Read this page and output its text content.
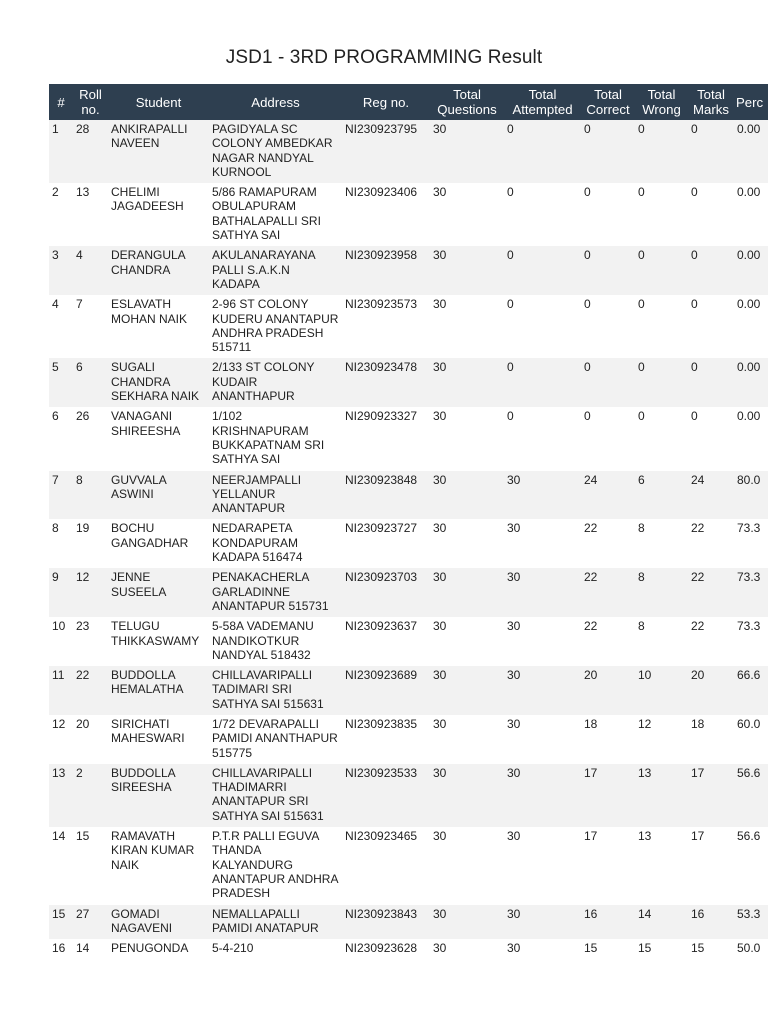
JSD1 - 3RD PROGRAMMING Result
#	Roll no.	Student	Address	Reg no.	Total Questions	Total Attempted	Total Correct	Total Wrong	Total Marks	Perc
1	28	ANKIRAPALLI NAVEEN	PAGIDYALA SC COLONY AMBEDKAR NAGAR NANDYAL KURNOOL	NI230923795	30	0	0	0	0	0.00
2	13	CHELIMI JAGADEESH	5/86 RAMAPURAM OBULAPURAM BATHALAPALLI SRI SATHYA SAI	NI230923406	30	0	0	0	0	0.00
3	4	DERANGULA CHANDRA	AKULANARAYANA PALLI S.A.K.N KADAPA	NI230923958	30	0	0	0	0	0.00
4	7	ESLAVATH MOHAN NAIK	2-96 ST COLONY KUDERU ANANTAPUR ANDHRA PRADESH 515711	NI230923573	30	0	0	0	0	0.00
5	6	SUGALI CHANDRA SEKHARA NAIK	2/133 ST COLONY KUDAIR ANANTHAPUR	NI230923478	30	0	0	0	0	0.00
6	26	VANAGANI SHIREESHA	1/102 KRISHNAPURAM BUKKAPATNAM SRI SATHYA SAI	NI290923327	30	0	0	0	0	0.00
7	8	GUVVALA ASWINI	NEERJAMPALLI YELLANUR ANANTAPUR	NI230923848	30	30	24	6	24	80.0
8	19	BOCHU GANGADHAR	NEDARAPETA KONDAPURAM KADAPA 516474	NI230923727	30	30	22	8	22	73.3
9	12	JENNE SUSEELA	PENAKACHERLA GARLADINNE ANANTAPUR 515731	NI230923703	30	30	22	8	22	73.3
10	23	TELUGU THIKKASWAMY	5-58A VADEMANU NANDIKOTKUR NANDYAL 518432	NI230923637	30	30	22	8	22	73.3
11	22	BUDDOLLA HEMALATHA	CHILLAVARIPALLI TADIMARI SRI SATHYA SAI 515631	NI230923689	30	30	20	10	20	66.6
12	20	SIRICHATI MAHESWARI	1/72 DEVARAPALLI PAMIDI ANANTHAPUR 515775	NI230923835	30	30	18	12	18	60.0
13	2	BUDDOLLA SIREESHA	CHILLAVARIPALLI THADIMARRI ANANTAPUR SRI SATHYA SAI 515631	NI230923533	30	30	17	13	17	56.6
14	15	RAMAVATH KIRAN KUMAR NAIK	P.T.R PALLI EGUVA THANDA KALYANDURG ANANTAPUR ANDHRA PRADESH	NI230923465	30	30	17	13	17	56.6
15	27	GOMADI NAGAVENI	NEMALLAPALLI PAMIDI ANATAPUR	NI230923843	30	30	16	14	16	53.3
16	14	PENUGONDA	5-4-210	NI230923628	30	30	15	15	15	50.0
